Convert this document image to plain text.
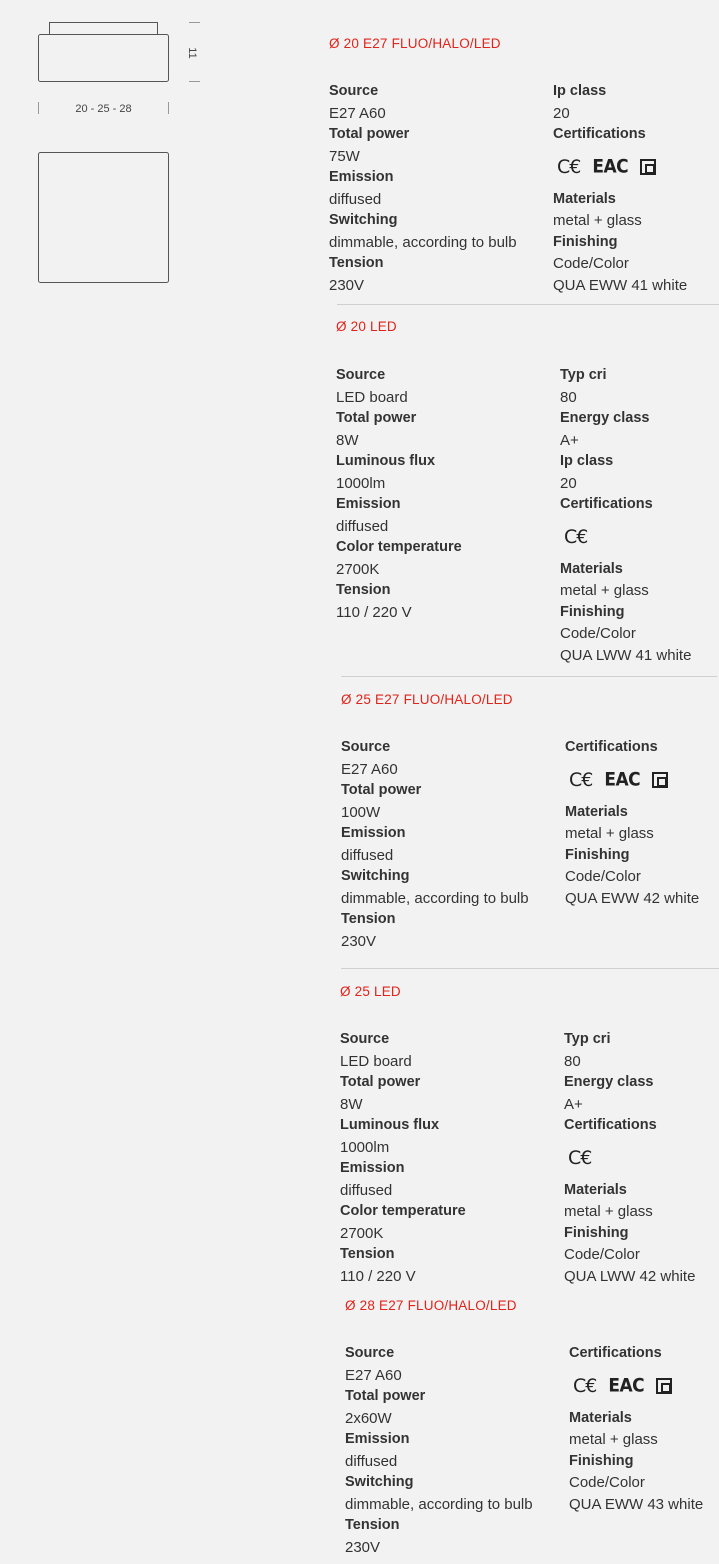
11
20 - 25 - 28
Ø 20 E27 FLUO/HALO/LED
Source
E27 A60
Total power
75W
Emission
diffused
Switching
dimmable, according to bulb
Tension
230V
Ip class
20
Certifications
C€ EAC
Materials
metal + glass
Finishing
Code/Color
QUA EWW 41 white
Ø 20 LED
Source
LED board
Total power
8W
Luminous flux
1000lm
Emission
diffused
Color temperature
2700K
Tension
110 / 220 V
Typ cri
80
Energy class
A+
Ip class
20
Certifications
C€
Materials
metal + glass
Finishing
Code/Color
QUA LWW 41 white
Ø 25 E27 FLUO/HALO/LED
Source
E27 A60
Total power
100W
Emission
diffused
Switching
dimmable, according to bulb
Tension
230V
Certifications
C€ EAC
Materials
metal + glass
Finishing
Code/Color
QUA EWW 42 white
Ø 25 LED
Source
LED board
Total power
8W
Luminous flux
1000lm
Emission
diffused
Color temperature
2700K
Tension
110 / 220 V
Typ cri
80
Energy class
A+
Certifications
C€
Materials
metal + glass
Finishing
Code/Color
QUA LWW 42 white
Ø 28 E27 FLUO/HALO/LED
Source
E27 A60
Total power
2x60W
Emission
diffused
Switching
dimmable, according to bulb
Tension
230V
Certifications
C€ EAC
Materials
metal + glass
Finishing
Code/Color
QUA EWW 43 white
